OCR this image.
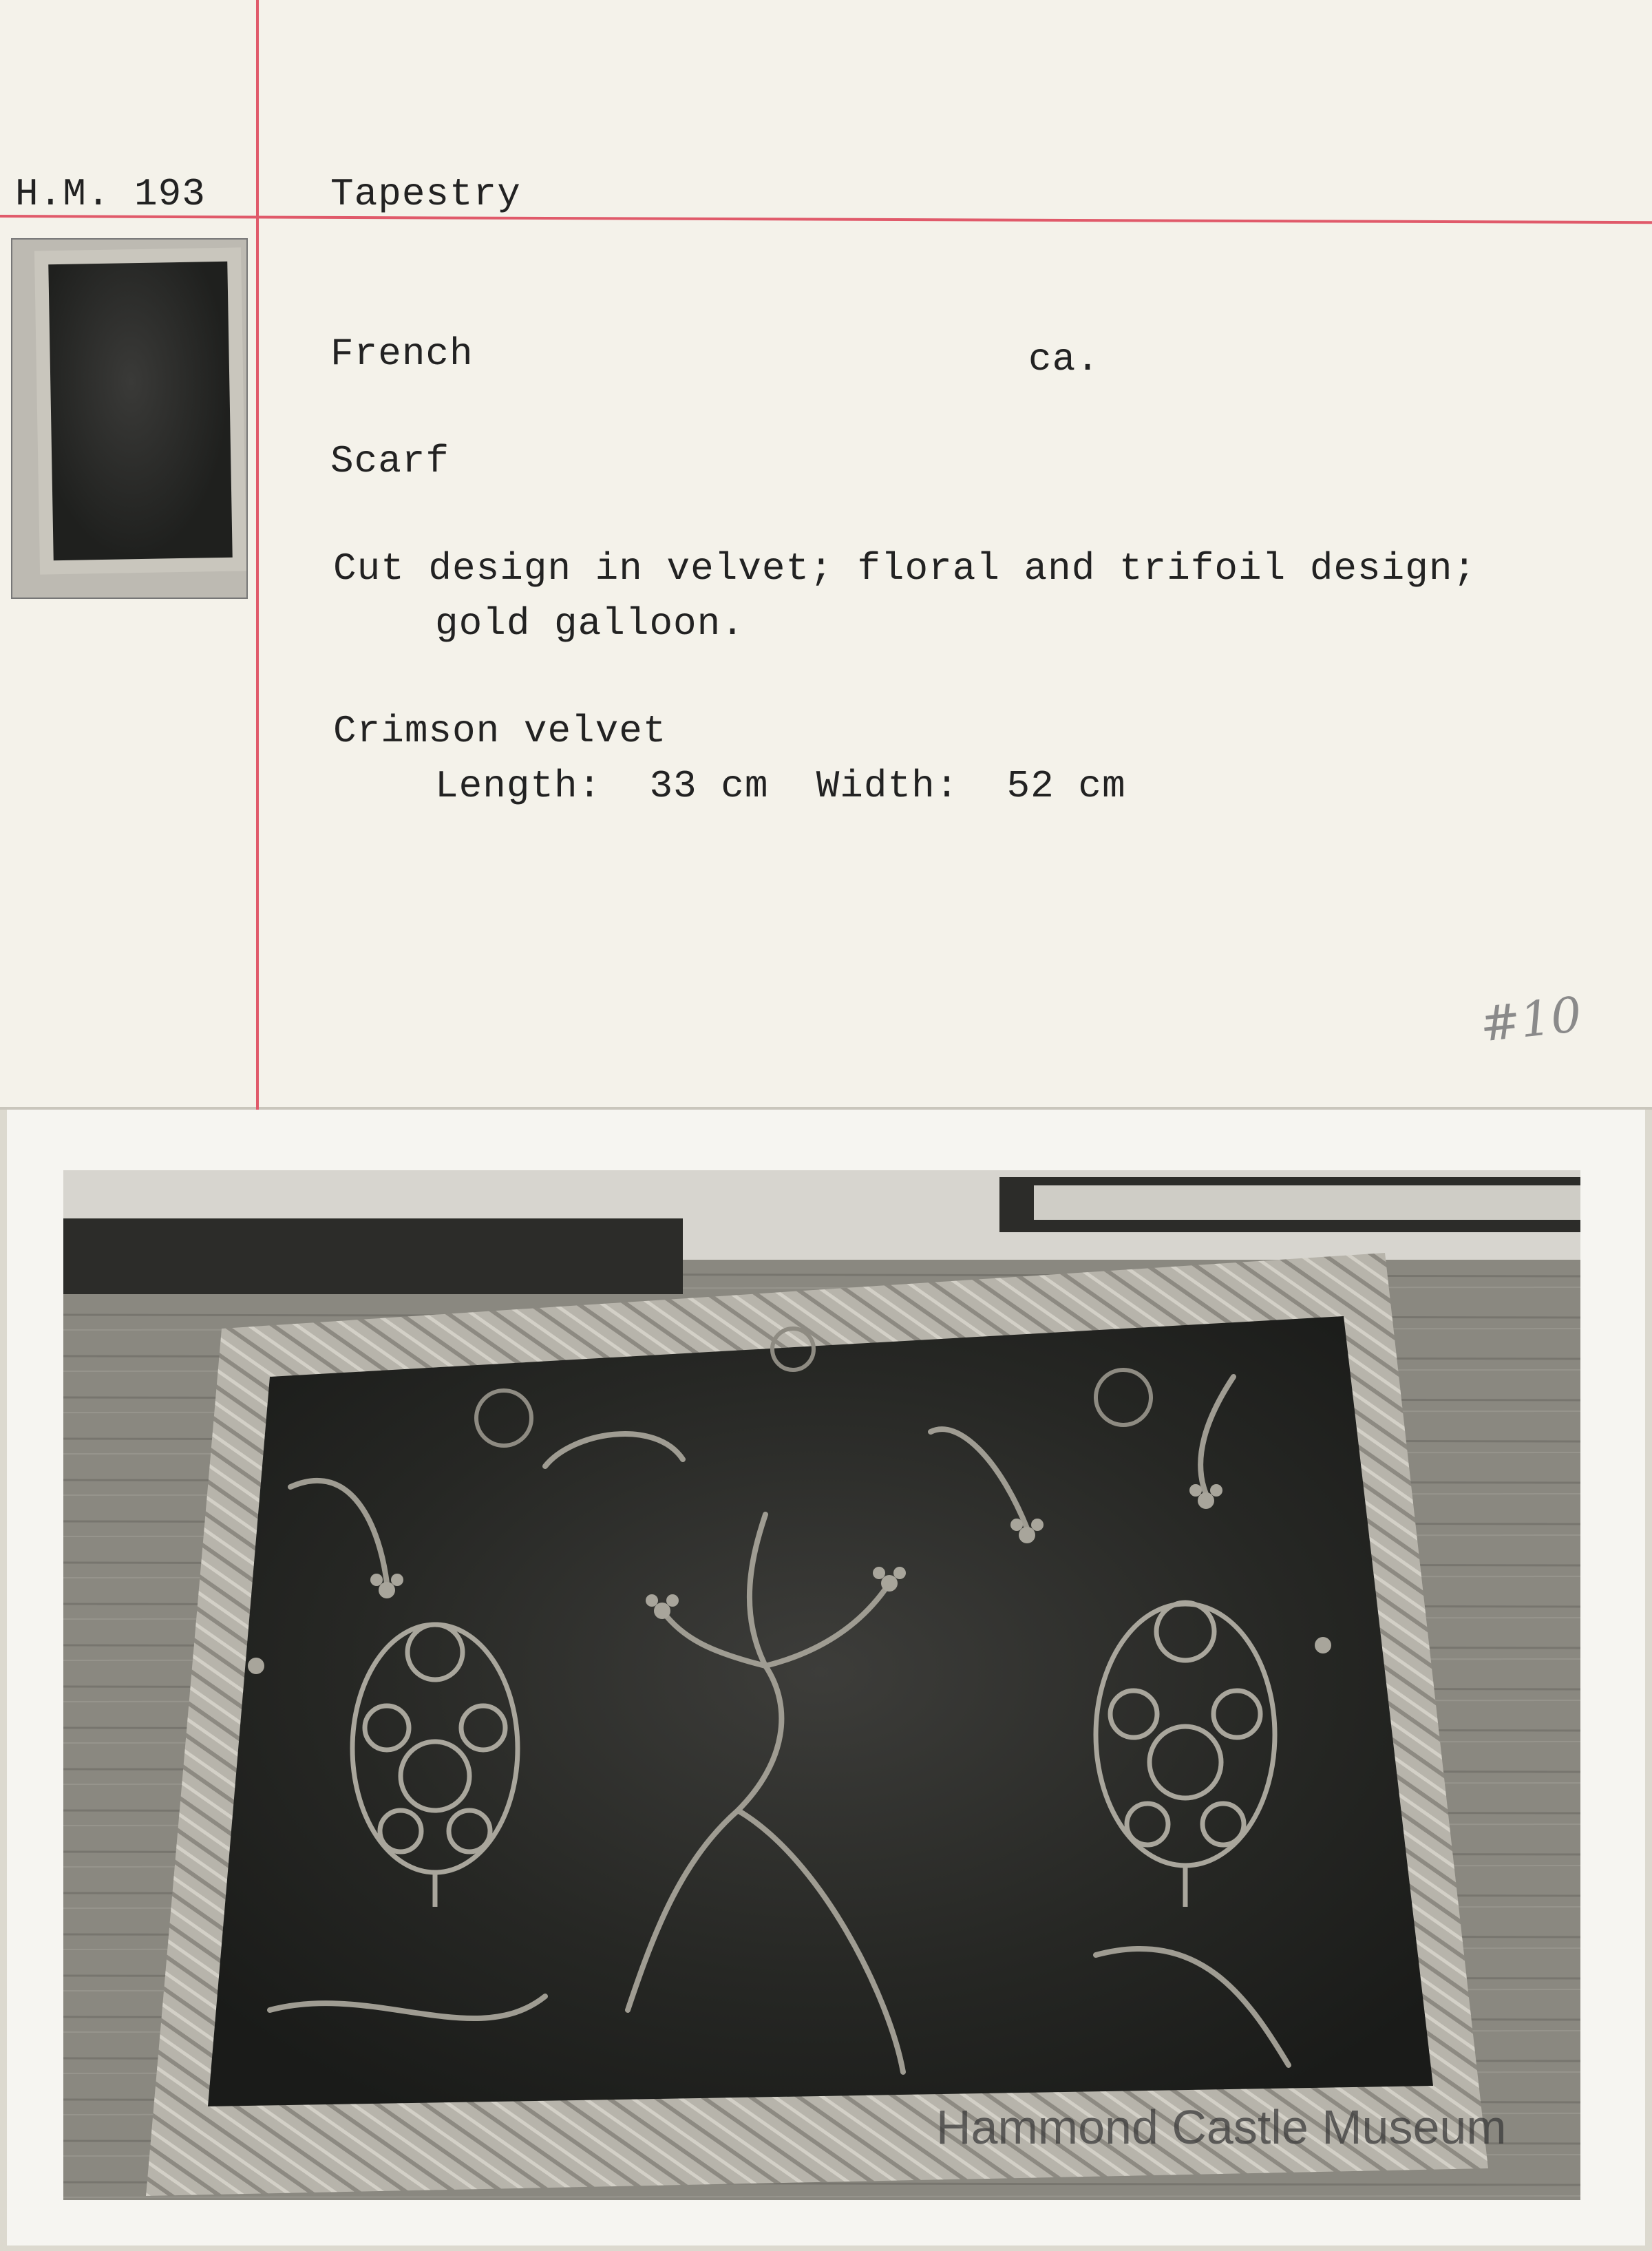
H.M. 193	Tapestry
French	ca.
Scarf
Cut design in velvet; floral and trifoil design;
gold galloon.
Crimson velvet
Length:  33 cm  Width:  52 cm
#10
Hammond Castle Museum
